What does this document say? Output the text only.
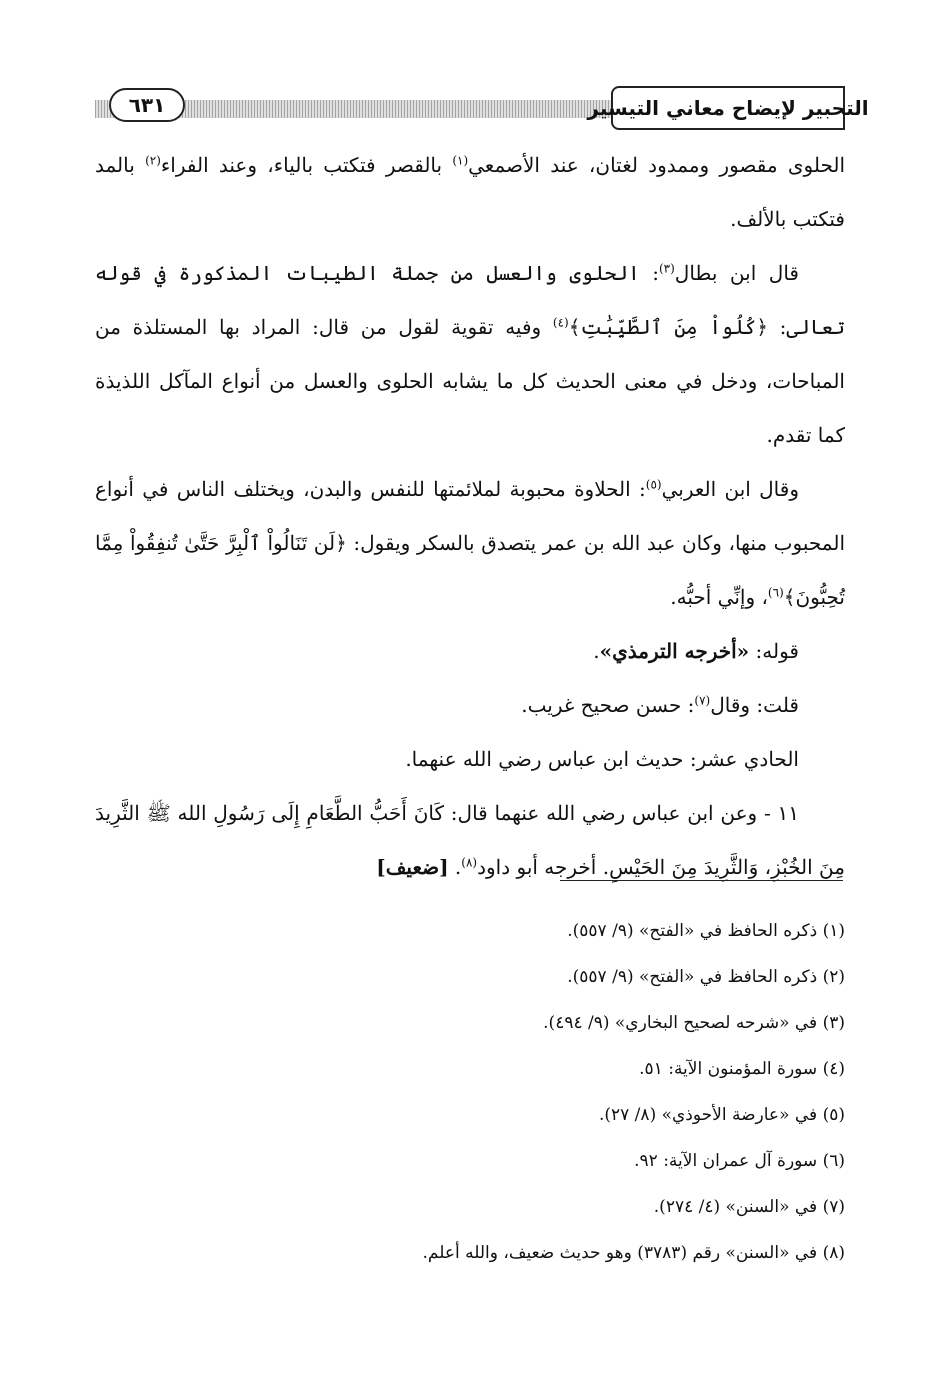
٦٣١	التحبير لإيضاح معاني التيسير

الحلوى مقصور وممدود لغتان، عند الأصمعي$^{(١)}$ بالقصر فتكتب بالياء، وعند الفراء$^{(٢)}$ بالمد فتكتب بالألف.

قال ابن بطال$^{(٣)}$: الحلوى والعسل من جملة الطيبات المذكورة في قوله تعالى: ﴿كُلُواْ مِنَ ٱلطَّيِّبَٰتِ﴾$^{(٤)}$ وفيه تقوية لقول من قال: المراد بها المستلذة من المباحات، ودخل في معنى الحديث كل ما يشابه الحلوى والعسل من أنواع المآكل اللذيذة كما تقدم.

وقال ابن العربي$^{(٥)}$: الحلاوة محبوبة لملائمتها للنفس والبدن، ويختلف الناس في أنواع المحبوب منها، وكان عبد الله بن عمر يتصدق بالسكر ويقول: ﴿لَن تَنَالُواْ ٱلْبِرَّ حَتَّىٰ تُنفِقُواْ مِمَّا تُحِبُّونَ﴾$^{(٦)}$، وإنِّي أحبُّه.

قوله: «أخرجه الترمذي».

قلت: وقال$^{(٧)}$: حسن صحيح غريب.

الحادي عشر: حديث ابن عباس رضي الله عنهما.

١١ - وعن ابن عباس رضي الله عنهما قال: كَانَ أَحَبُّ الطَّعَامِ إِلَى رَسُولِ الله ﷺ الثَّرِيدَ مِنَ الخُبْزِ، وَالثَّرِيدَ مِنَ الحَيْسِ. أخرجه أبو داود$^{(٨)}$. [ضعيف]

(١) ذكره الحافظ في «الفتح» (٩/ ٥٥٧).

(٢) ذكره الحافظ في «الفتح» (٩/ ٥٥٧).

(٣) في «شرحه لصحيح البخاري» (٩/ ٤٩٤).

(٤) سورة المؤمنون الآية: ٥١.

(٥) في «عارضة الأحوذي» (٨/ ٢٧).

(٦) سورة آل عمران الآية: ٩٢.

(٧) في «السنن» (٤/ ٢٧٤).

(٨) في «السنن» رقم (٣٧٨٣) وهو حديث ضعيف، والله أعلم.
